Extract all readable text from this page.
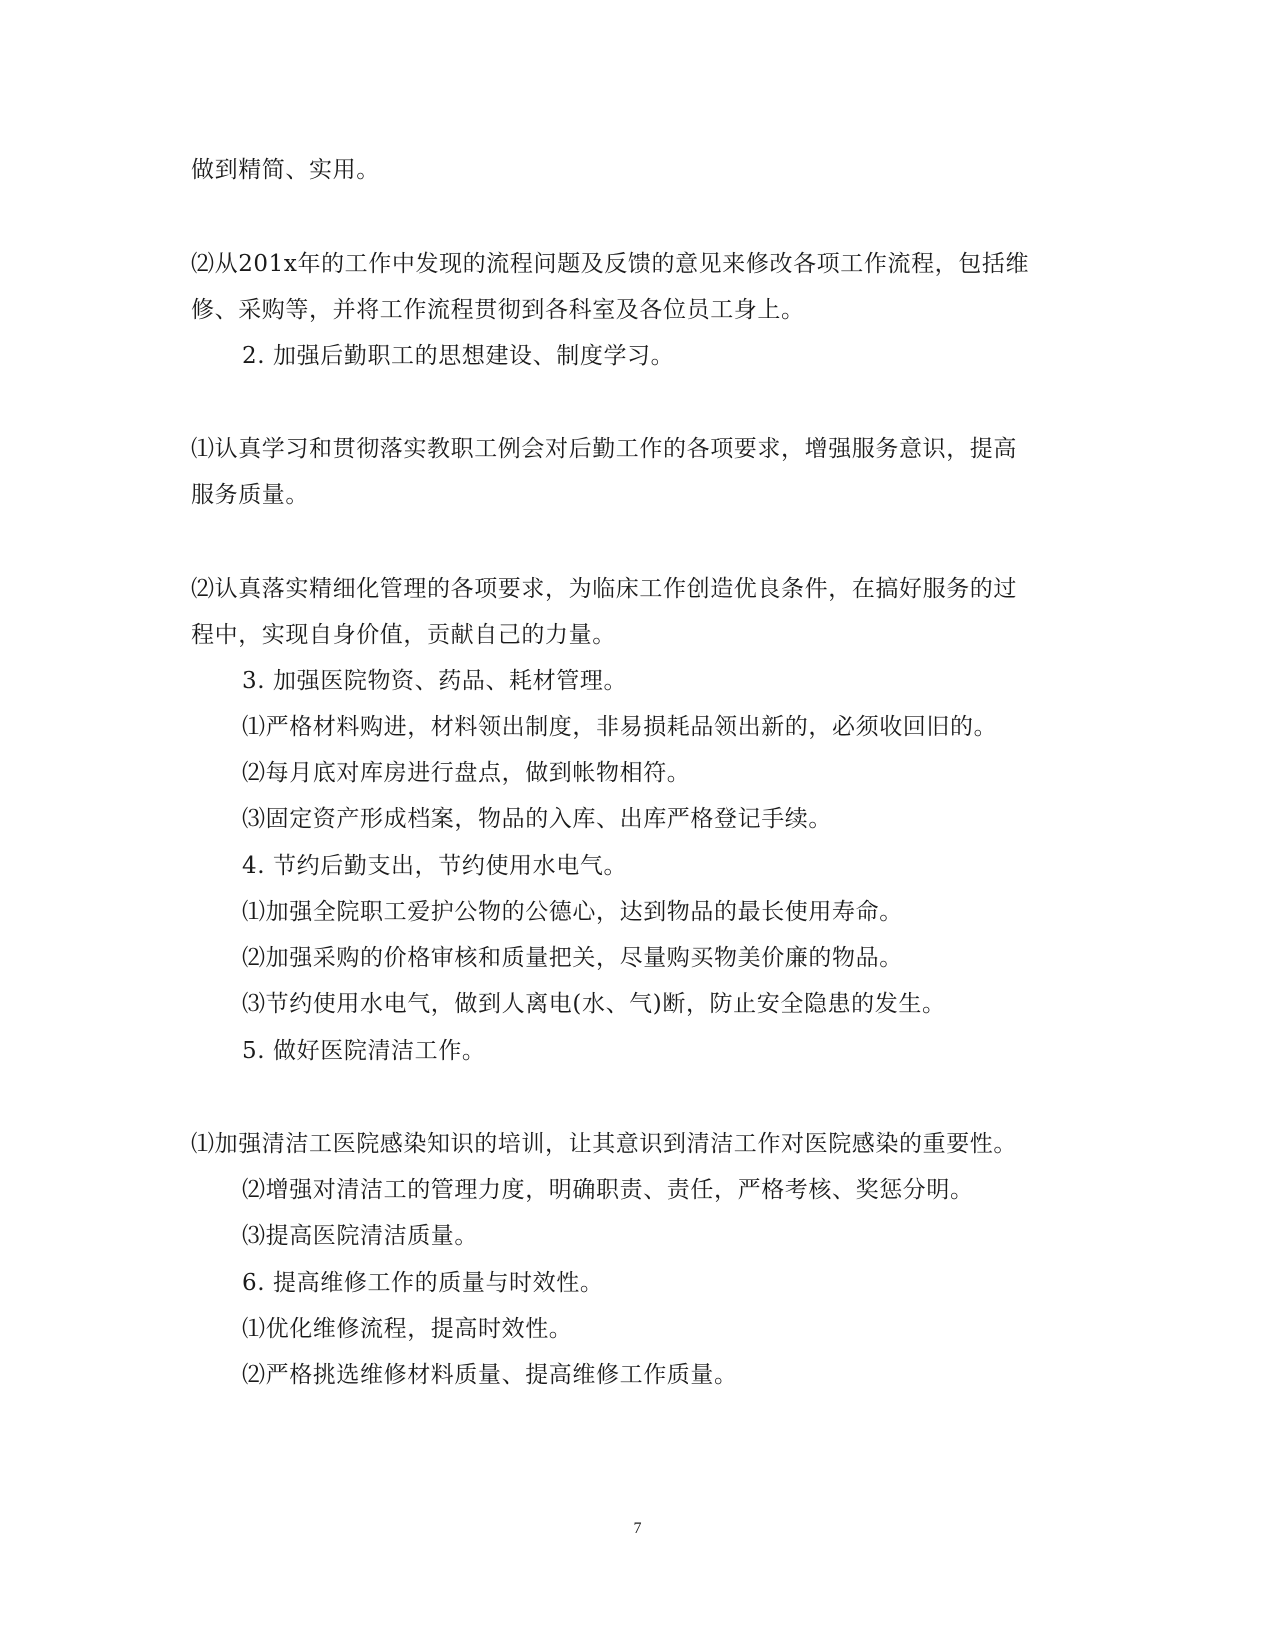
做到精简、实用。
⑵从201x年的工作中发现的流程问题及反馈的意见来修改各项工作流程，包括维
修、采购等，并将工作流程贯彻到各科室及各位员工身上。
2. 加强后勤职工的思想建设、制度学习。
⑴认真学习和贯彻落实教职工例会对后勤工作的各项要求，增强服务意识，提高
服务质量。
⑵认真落实精细化管理的各项要求，为临床工作创造优良条件，在搞好服务的过
程中，实现自身价值，贡献自己的力量。
3. 加强医院物资、药品、耗材管理。
⑴严格材料购进，材料领出制度，非易损耗品领出新的，必须收回旧的。
⑵每月底对库房进行盘点，做到帐物相符。
⑶固定资产形成档案，物品的入库、出库严格登记手续。
4. 节约后勤支出，节约使用水电气。
⑴加强全院职工爱护公物的公德心，达到物品的最长使用寿命。
⑵加强采购的价格审核和质量把关，尽量购买物美价廉的物品。
⑶节约使用水电气，做到人离电(水、气)断，防止安全隐患的发生。
5. 做好医院清洁工作。
⑴加强清洁工医院感染知识的培训，让其意识到清洁工作对医院感染的重要性。
⑵增强对清洁工的管理力度，明确职责、责任，严格考核、奖惩分明。
⑶提高医院清洁质量。
6. 提高维修工作的质量与时效性。
⑴优化维修流程，提高时效性。
⑵严格挑选维修材料质量、提高维修工作质量。
7
